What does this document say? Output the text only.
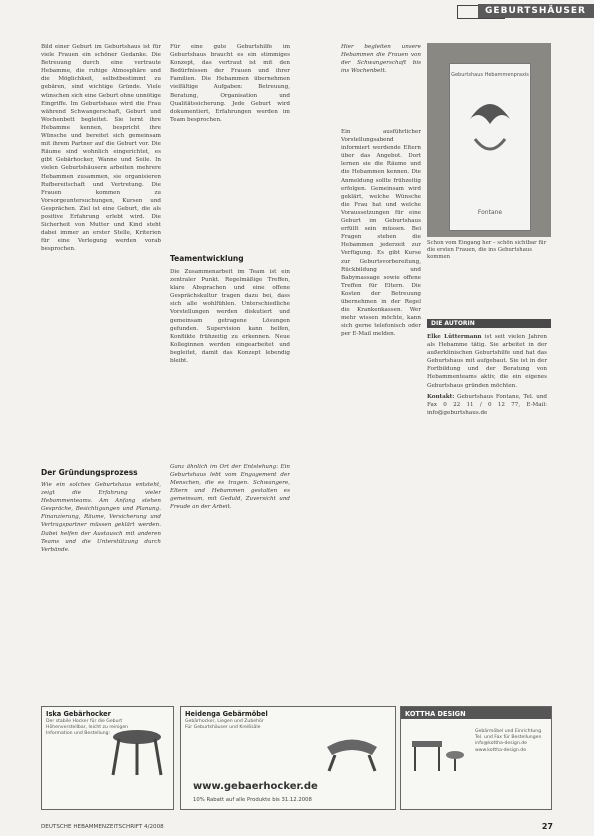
GEBURTSHÄUSER

Bild einer Geburt im Geburtshaus ist für viele Frauen ein schöner Gedanke. Die Betreuung durch eine vertraute Hebamme, die ruhige Atmosphäre und die Möglichkeit, selbstbestimmt zu gebären, sind wichtige Gründe. Viele wünschen sich eine Geburt ohne unnötige Eingriffe. Im Geburtshaus wird die Frau während Schwangerschaft, Geburt und Wochenbett begleitet. Sie lernt ihre Hebamme kennen, bespricht ihre Wünsche und bereitet sich gemeinsam mit ihrem Partner auf die Geburt vor. Die Räume sind wohnlich eingerichtet, es gibt Gebärhocker, Wanne und Seile. In vielen Geburtshäusern arbeiten mehrere Hebammen zusammen, sie organisieren Rufbereitschaft und Vertretung. Die Frauen kommen zu Vorsorgeuntersuchungen, Kursen und Gesprächen. Ziel ist eine Geburt, die als positive Erfahrung erlebt wird. Die Sicherheit von Mutter und Kind steht dabei immer an erster Stelle, Kriterien für eine Verlegung werden vorab besprochen.

Der Gründungsprozess

Wie ein solches Geburtshaus entsteht, zeigt die Erfahrung vieler Hebammenteams. Am Anfang stehen Gespräche, Besichtigungen und Planung. Finanzierung, Räume, Versicherung und Vertragspartner müssen geklärt werden. Dabei helfen der Austausch mit anderen Teams und die Unterstützung durch Verbände.

Für eine gute Geburtshilfe im Geburtshaus braucht es ein stimmiges Konzept, das vertraut ist mit den Bedürfnissen der Frauen und ihrer Familien. Die Hebammen übernehmen vielfältige Aufgaben: Betreuung, Beratung, Organisation und Qualitätssicherung. Jede Geburt wird dokumentiert, Erfahrungen werden im Team besprochen.

Teamentwicklung

Die Zusammenarbeit im Team ist ein zentraler Punkt. Regelmäßige Treffen, klare Absprachen und eine offene Gesprächskultur tragen dazu bei, dass sich alle wohlfühlen. Unterschiedliche Vorstellungen werden diskutiert und gemeinsam getragene Lösungen gefunden. Supervision kann helfen, Konflikte frühzeitig zu erkennen. Neue Kolleginnen werden eingearbeitet und begleitet, damit das Konzept lebendig bleibt.

Ganz ähnlich im Ort der Entstehung: Ein Geburtshaus lebt vom Engagement der Menschen, die es tragen. Schwangere, Eltern und Hebammen gestalten es gemeinsam, mit Geduld, Zuversicht und Freude an der Arbeit.

Hier begleiten unsere Hebammen die Frauen von der Schwangerschaft bis ins Wochenbett.

Ein ausführlicher Vorstellungsabend informiert werdende Eltern über das Angebot. Dort lernen sie die Räume und die Hebammen kennen. Die Anmeldung sollte frühzeitig erfolgen. Gemeinsam wird geklärt, welche Wünsche die Frau hat und welche Voraussetzungen für eine Geburt im Geburtshaus erfüllt sein müssen. Bei Fragen stehen die Hebammen jederzeit zur Verfügung. Es gibt Kurse zur Geburtsvorbereitung, Rückbildung und Babymassage sowie offene Treffen für Eltern. Die Kosten der Betreuung übernehmen in der Regel die Krankenkassen. Wer mehr wissen möchte, kann sich gerne telefonisch oder per E-Mail melden.

Geburtshaus Hebammenpraxis
Fontane
Schon vom Eingang her – schön sichtbar für die ersten Frauen, die ins Geburtshaus kommen
DIE AUTORIN

Elke Lüttermann ist seit vielen Jahren als Hebamme tätig. Sie arbeitet in der außerklinischen Geburtshilfe und hat das Geburtshaus mit aufgebaut. Sie ist in der Fortbildung und der Beratung von Hebammenteams aktiv, die ein eigenes Geburtshaus gründen möchten.

Kontakt: Geburtshaus Fontane, Tel. und Fax 0 22 11 / 0 12 77, E-Mail: info@geburtshaus.de

Iska Gebärhocker
Der stabile Hocker für die Geburt
Höhenverstellbar, leicht zu reinigen
Information und Bestellung:
Heidenga Gebärmöbel
Gebärhocker, Liegen und Zubehör
Für Geburtshäuser und Kreißsäle
www.gebaerhocker.de
10% Rabatt auf alle Produkte bis 31.12.2008
KOTTHA DESIGN
Gebärmöbel und Einrichtung
Tel. und Fax für Bestellungen
info@kottha-design.de
www.kottha-design.de
DEUTSCHE HEBAMMENZEITSCHRIFT 4/2008	27
